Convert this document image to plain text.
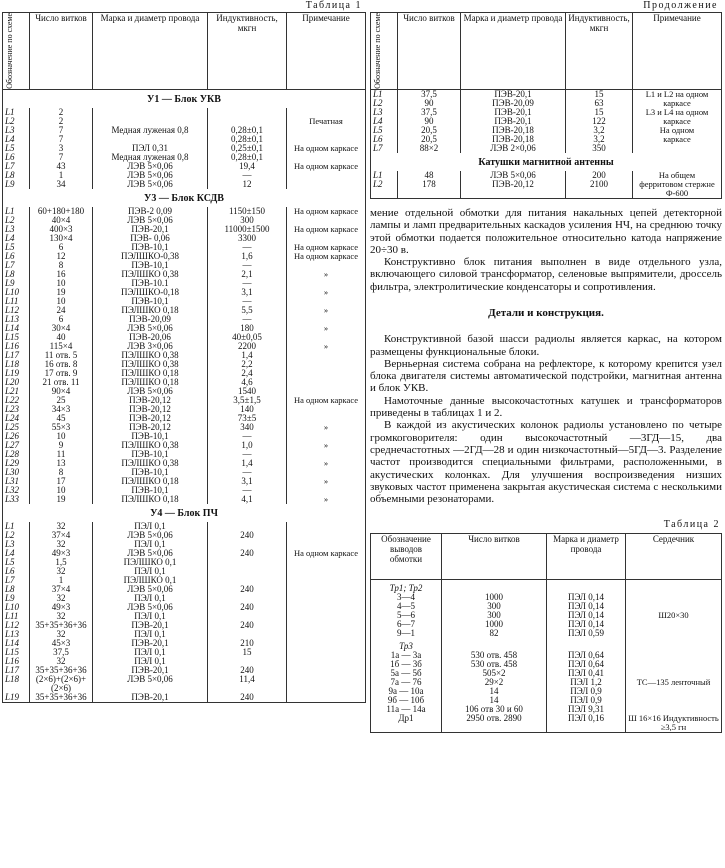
Таблица 1
Обозначение по схеме	Число витков	Марка и диаметр провода	Индуктивность, мкгн	Примечание
У1 — Блок УКВ				
L1	2			
L2	2			Печатная
L3	7	Медная луженая 0,8	0,28±0,1	
L4	7		0,28±0,1	
L5	3	ПЭЛ 0,31	0,25±0,1	На одном каркасе
L6	7	Медная луженая 0,8	0,28±0,1	
L7	43	ЛЭВ 5×0,06	19,4	На одном каркасе
L8	1	ЛЭВ 5×0,06	—	
L9	34	ЛЭВ 5×0,06	12	
У3 — Блок КСДВ				
L1	60+180+180	ПЭВ-2 0,09	1150±150	На одном каркасе
L2	40×4	ЛЭВ 5×0,06	300	
L3	400×3	ПЭВ-20,1	11000±1500	На одном каркасе
L4	130×4	ПЭВ- 0,06	3300	
L5	6	ПЭВ-10,1	—	На одном каркасе
L6	12	ПЭЛШКО-0,38	1,6	На одном каркасе
L7	8	ПЭВ-10,1	—	
L8	16	ПЭЛШКО 0,38	2,1	»
L9	10	ПЭВ-10.1	—	
L10	19	ПЭЛШКО-0,18	3,1	»
L11	10	ПЭВ-10,1	—	
L12	24	ПЭЛШКО 0,18	5,5	»
L13	6	ПЭВ-20,09	—	
L14	30×4	ЛЭВ 5×0,06	180	»
L15	40	ПЭВ-20,06	40±0,05	
L16	115×4	ЛЭВ 3×0,06	2200	»
L17	11 отв. 5	ПЭЛШКО 0,38	1,4	
L18	16 отв. 8	ПЭЛШКО 0,38	2,2	
L19	17 отв. 9	ПЭЛШКО 0,18	2,4	
L20	21 отв. 11	ПЭЛШКО 0,18	4,6	
L21	90×4	ЛЭВ 5×0,06	1540	
L22	25	ПЭВ-20,12	3,5±1,5	На одном каркасе
L23	34×3	ПЭВ-20,12	140	
L24	45	ПЭВ-20,12	73±5	
L25	55×3	ПЭВ-20,12	340	»
L26	10	ПЭВ-10,1	—	
L27	9	ПЭЛШКО 0,38	1,0	»
L28	11	ПЭВ-10,1	—	
L29	13	ПЭЛШКО 0,38	1,4	»
L30	8	ПЭВ-10,1	—	
L31	17	ПЭЛШКО 0,18	3,1	»
L32	10	ПЭВ-10,1	—	
L33	19	ПЭЛШКО 0,18	4,1	»
У4 — Блок ПЧ				
L1	32	ПЭЛ 0,1		
L2	37×4	ЛЭВ 5×0,06	240	
L3	32	ПЭЛ 0,1		
L4	49×3	ЛЭВ 5×0,06	240	На одном каркасе
L5	1,5	ПЭЛШКО 0,1		
L6	32	ПЭЛ 0,1		
L7	1	ПЭЛШКО 0,1		
L8	37×4	ЛЭВ 5×0,06	240	
L9	32	ПЭЛ 0,1		
L10	49×3	ЛЭВ 5×0,06	240	
L11	32	ПЭЛ 0,1		
L12	35+35+36+36	ПЭВ-20,1	240	
L13	32	ПЭЛ 0,1		
L14	45×3	ПЭВ-20,1	210	
L15	37,5	ПЭЛ 0,1	15	
L16	32	ПЭЛ 0,1		
L17	35+35+36+36	ПЭВ-20,1	240	
L18	(2×6)+(2×6)+(2×6)	ЛЭВ 5×0,06	11,4	
L19	35+35+36+36	ПЭВ-20,1	240	
Продолжение
Обозначение по схеме	Число витков	Марка и диаметр провода	Индуктивность, мкгн	Примечание
L1	37,5	ПЭВ-20,1	15	L1 и L2 на одном
L2	90	ПЭВ-20,09	63	каркасе
L3	37,5	ПЭВ-20,1	15	L3 и L4 на одном
L4	90	ПЭВ-20,1	122	каркасе
L5	20,5	ПЭВ-20,18	3,2	На одном
L6	20,5	ПЭВ-20,18	3,2	каркасе
L7	88×2	ЛЭВ 2×0,06	350	
Катушки магнитной антенны				
L1	48	ЛЭВ 5×0,06	200	На общем
L2	178	ПЭВ-20,12	2100	ферритовом стержне Ф-600

мение отдельной обмотки для питания накальных цепей детекторной лампы и ламп предварительных каскадов усиления НЧ, на среднюю точку этой обмотки подается положительное относительно катода напряжение 20÷30 в.

Конструктивно блок питания выполнен в виде отдельного узла, включающего силовой трансформатор, селеновые выпрямители, дроссель фильтра, электролитические конденсаторы и сопротивления.

Детали и конструкция.

Конструктивной базой шасси радиолы является каркас, на котором размещены функциональные блоки.

Верньерная система собрана на рефлекторе, к которому крепится узел блока двигателя системы автоматической подстройки, магнитная антенна и блок УКВ.

Намоточные данные высокочастотных катушек и трансформаторов приведены в таблицах 1 и 2.

В каждой из акустических колонок радиолы установлено по четыре громкоговорителя: один высокочастотный —3ГД—15, два среднечастотных —2ГД—28 и один низкочастотный—5ГД—3. Разделение частот производится специальными фильтрами, расположенными, в акустических колонках. Для улучшения воспроизведения низших звуковых частот применена закрытая акустическая система с несколькими объемными резонаторами.

Таблица 2
Обозначение выводов обмотки	Число витков	Марка и диаметр провода	Сердечник
Тр1; Тр2			
3—4	1000	ПЭЛ 0,14	
4—5	300	ПЭЛ 0,14	
5—6	300	ПЭЛ 0,14	Ш20×30
6—7	1000	ПЭЛ 0,14	
9—1	82	ПЭЛ 0,59	
Тр3			
1а — 3а	530 отв. 458	ПЭЛ 0,64	
1б — 3б	530 отв. 458	ПЭЛ 0,64	
5а — 5б	505×2	ПЭЛ 0,41	
7а — 76	29×2	ПЭЛ 1,2	ТС—135 ленточный
9а — 10а	14	ПЭЛ 0,9	
9б — 10б	14	ПЭЛ 0,9	
11а — 14а	106 отв 30 и 60	ПЭЛ 9,31	
Др1	2950 отв. 2890	ПЭЛ 0,16	Ш 16×16 Индуктивность ≥3,5 гн
